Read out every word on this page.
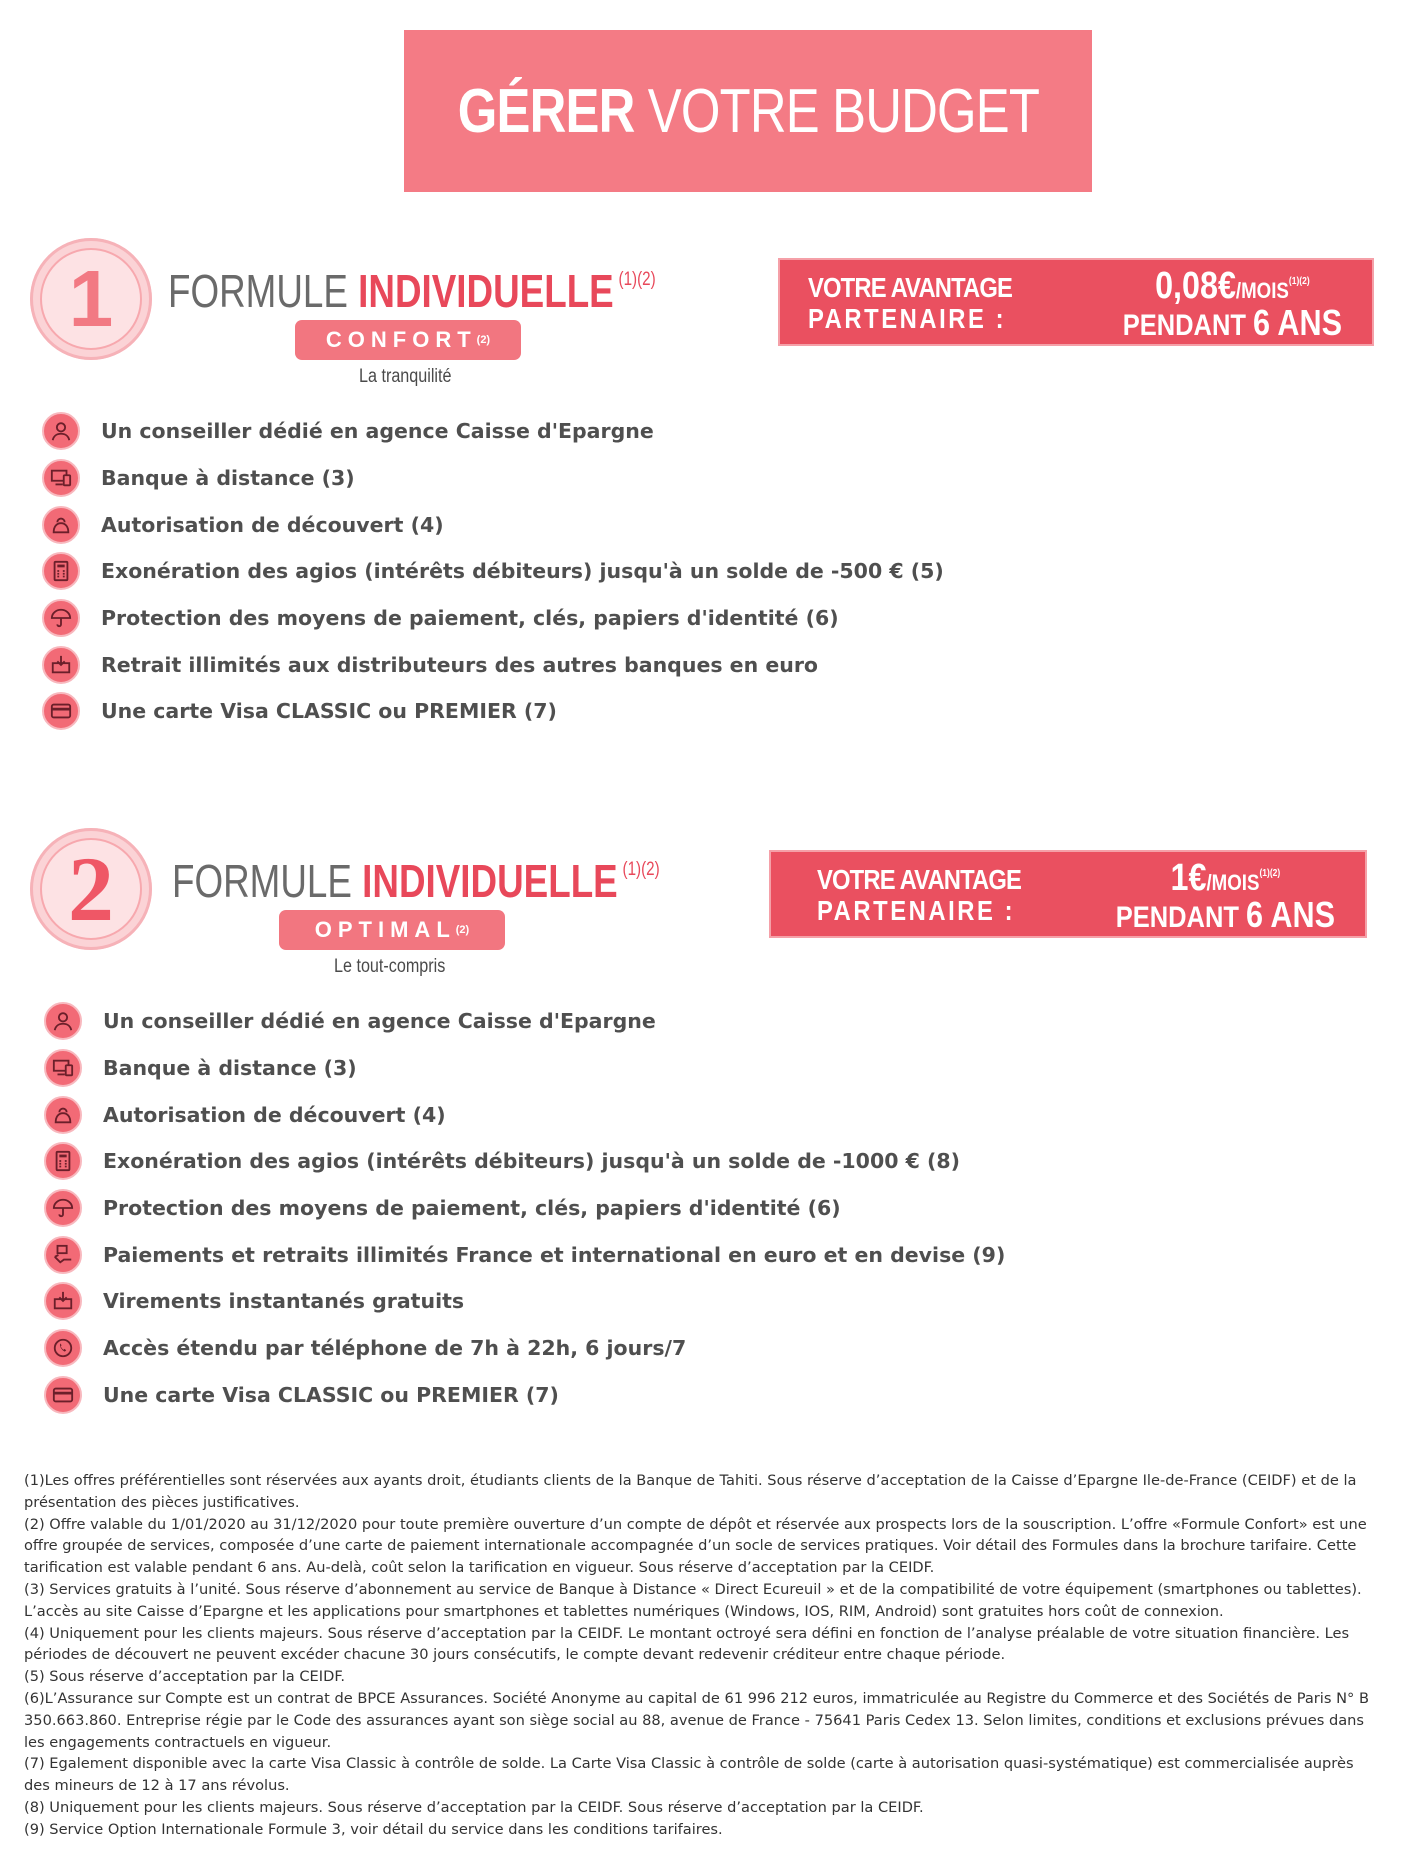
GÉRER VOTRE BUDGET
1 FORMULE INDIVIDUELLE $^{(1)(2)}$
CONFORT (2)
La tranquilité
VOTRE AVANTAGE
PARTENAIRE :
$0,08€/MOIS^{(1)(2)}$
PENDANT 6 ANS
Un conseiller dédié en agence Caisse d'Epargne
Banque à distance (3)
Autorisation de découvert (4)
Exonération des agios (intérêts débiteurs) jusqu'à un solde de -500 € (5)
Protection des moyens de paiement, clés, papiers d'identité (6)
Retrait illimités aux distributeurs des autres banques en euro
Une carte Visa CLASSIC ou PREMIER (7)
2 FORMULE INDIVIDUELLE $^{(1)(2)}$
OPTIMAL (2)
Le tout-compris
VOTRE AVANTAGE
PARTENAIRE :
$1€/MOIS^{(1)(2)}$
PENDANT 6 ANS
Un conseiller dédié en agence Caisse d'Epargne
Banque à distance (3)
Autorisation de découvert (4)
Exonération des agios (intérêts débiteurs) jusqu'à un solde de -1000 € (8)
Protection des moyens de paiement, clés, papiers d'identité (6)
Paiements et retraits illimités France et international en euro et en devise (9)
Virements instantanés gratuits
Accès étendu par téléphone de 7h à 22h, 6 jours/7
Une carte Visa CLASSIC ou PREMIER (7)

(1)Les offres préférentielles sont réservées aux ayants droit, étudiants clients de la Banque de Tahiti. Sous réserve d’acceptation de la Caisse d’Epargne Ile-de-France (CEIDF) et de la présentation des pièces justificatives.

(2) Offre valable du 1/01/2020 au 31/12/2020 pour toute première ouverture d’un compte de dépôt et réservée aux prospects lors de la souscription. L’offre «Formule Confort» est une offre groupée de services, composée d’une carte de paiement internationale accompagnée d’un socle de services pratiques. Voir détail des Formules dans la brochure tarifaire. Cette tarification est valable pendant 6 ans. Au-delà, coût selon la tarification en vigueur. Sous réserve d’acceptation par la CEIDF.

(3) Services gratuits à l’unité. Sous réserve d’abonnement au service de Banque à Distance « Direct Ecureuil » et de la compatibilité de votre équipement (smartphones ou tablettes). L’accès au site Caisse d’Epargne et les applications pour smartphones et tablettes numériques (Windows, IOS, RIM, Android) sont gratuites hors coût de connexion.

(4) Uniquement pour les clients majeurs. Sous réserve d’acceptation par la CEIDF. Le montant octroyé sera défini en fonction de l’analyse préalable de votre situation financière. Les périodes de découvert ne peuvent excéder chacune 30 jours consécutifs, le compte devant redevenir créditeur entre chaque période.

(5) Sous réserve d’acceptation par la CEIDF.

(6)L’Assurance sur Compte est un contrat de BPCE Assurances. Société Anonyme au capital de 61 996 212 euros, immatriculée au Registre du Commerce et des Sociétés de Paris N° B 350.663.860. Entreprise régie par le Code des assurances ayant son siège social au 88, avenue de France - 75641 Paris Cedex 13. Selon limites, conditions et exclusions prévues dans les engagements contractuels en vigueur.

(7) Egalement disponible avec la carte Visa Classic à contrôle de solde. La Carte Visa Classic à contrôle de solde (carte à autorisation quasi-systématique) est commercialisée auprès des mineurs de 12 à 17 ans révolus.

(8) Uniquement pour les clients majeurs. Sous réserve d’acceptation par la CEIDF. Sous réserve d’acceptation par la CEIDF.

(9) Service Option Internationale Formule 3, voir détail du service dans les conditions tarifaires.
